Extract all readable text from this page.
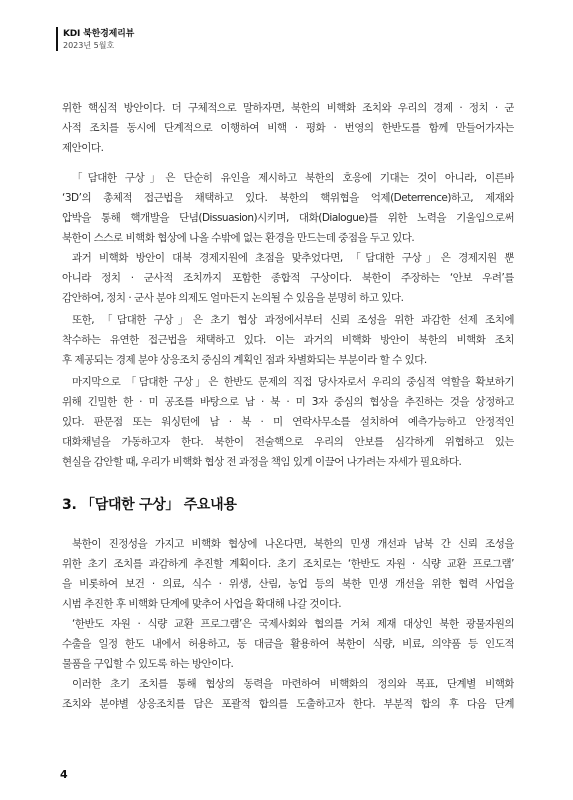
KDI 북한경제리뷰
2023년 5월호
위한 핵심적 방안이다. 더 구체적으로 말하자면, 북한의 비핵화 조치와 우리의 경제 · 정치 · 군
사적 조치를 동시에 단계적으로 이행하여 비핵 · 평화 · 번영의 한반도를 함께 만들어가자는
제안이다.
「담대한 구상」은 단순히 유인을 제시하고 북한의 호응에 기대는 것이 아니라, 이른바
‘3D’의 총체적 접근법을 채택하고 있다. 북한의 핵위협을 억제(Deterrence)하고, 제재와
압박을 통해 핵개발을 단념(Dissuasion)시키며, 대화(Dialogue)를 위한 노력을 기울임으로써
북한이 스스로 비핵화 협상에 나올 수밖에 없는 환경을 만드는데 중점을 두고 있다.
과거 비핵화 방안이 대북 경제지원에 초점을 맞추었다면, 「담대한 구상」은 경제지원 뿐
아니라 정치 · 군사적 조치까지 포함한 종합적 구상이다. 북한이 주장하는 ‘안보 우려’를
감안하여, 정치 · 군사 분야 의제도 얼마든지 논의될 수 있음을 분명히 하고 있다.
또한, 「담대한 구상」은 초기 협상 과정에서부터 신뢰 조성을 위한 과감한 선제 조치에
착수하는 유연한 접근법을 채택하고 있다. 이는 과거의 비핵화 방안이 북한의 비핵화 조치
후 제공되는 경제 분야 상응조치 중심의 계획인 점과 차별화되는 부분이라 할 수 있다.
마지막으로 「담대한 구상」은 한반도 문제의 직접 당사자로서 우리의 중심적 역할을 확보하기
위해 긴밀한 한 · 미 공조를 바탕으로 남 · 북 · 미 3자 중심의 협상을 추진하는 것을 상정하고
있다. 판문점 또는 워싱턴에 남 · 북 · 미 연락사무소를 설치하여 예측가능하고 안정적인
대화채널을 가동하고자 한다. 북한이 전술핵으로 우리의 안보를 심각하게 위협하고 있는
현실을 감안할 때, 우리가 비핵화 협상 전 과정을 책임 있게 이끌어 나가려는 자세가 필요하다.
3. 「담대한 구상」 주요내용
북한이 진정성을 가지고 비핵화 협상에 나온다면, 북한의 민생 개선과 남북 간 신뢰 조성을
위한 초기 조치를 과감하게 추진할 계획이다. 초기 조치로는 ‘한반도 자원 · 식량 교환 프로그램’
을 비롯하여 보건 · 의료, 식수 · 위생, 산림, 농업 등의 북한 민생 개선을 위한 협력 사업을
시범 추진한 후 비핵화 단계에 맞추어 사업을 확대해 나갈 것이다.
‘한반도 자원 · 식량 교환 프로그램’은 국제사회와 협의를 거쳐 제재 대상인 북한 광물자원의
수출을 일정 한도 내에서 허용하고, 동 대금을 활용하여 북한이 식량, 비료, 의약품 등 인도적
물품을 구입할 수 있도록 하는 방안이다.
이러한 초기 조치를 통해 협상의 동력을 마련하여 비핵화의 정의와 목표, 단계별 비핵화
조치와 분야별 상응조치를 담은 포괄적 합의를 도출하고자 한다. 부분적 합의 후 다음 단계
4
